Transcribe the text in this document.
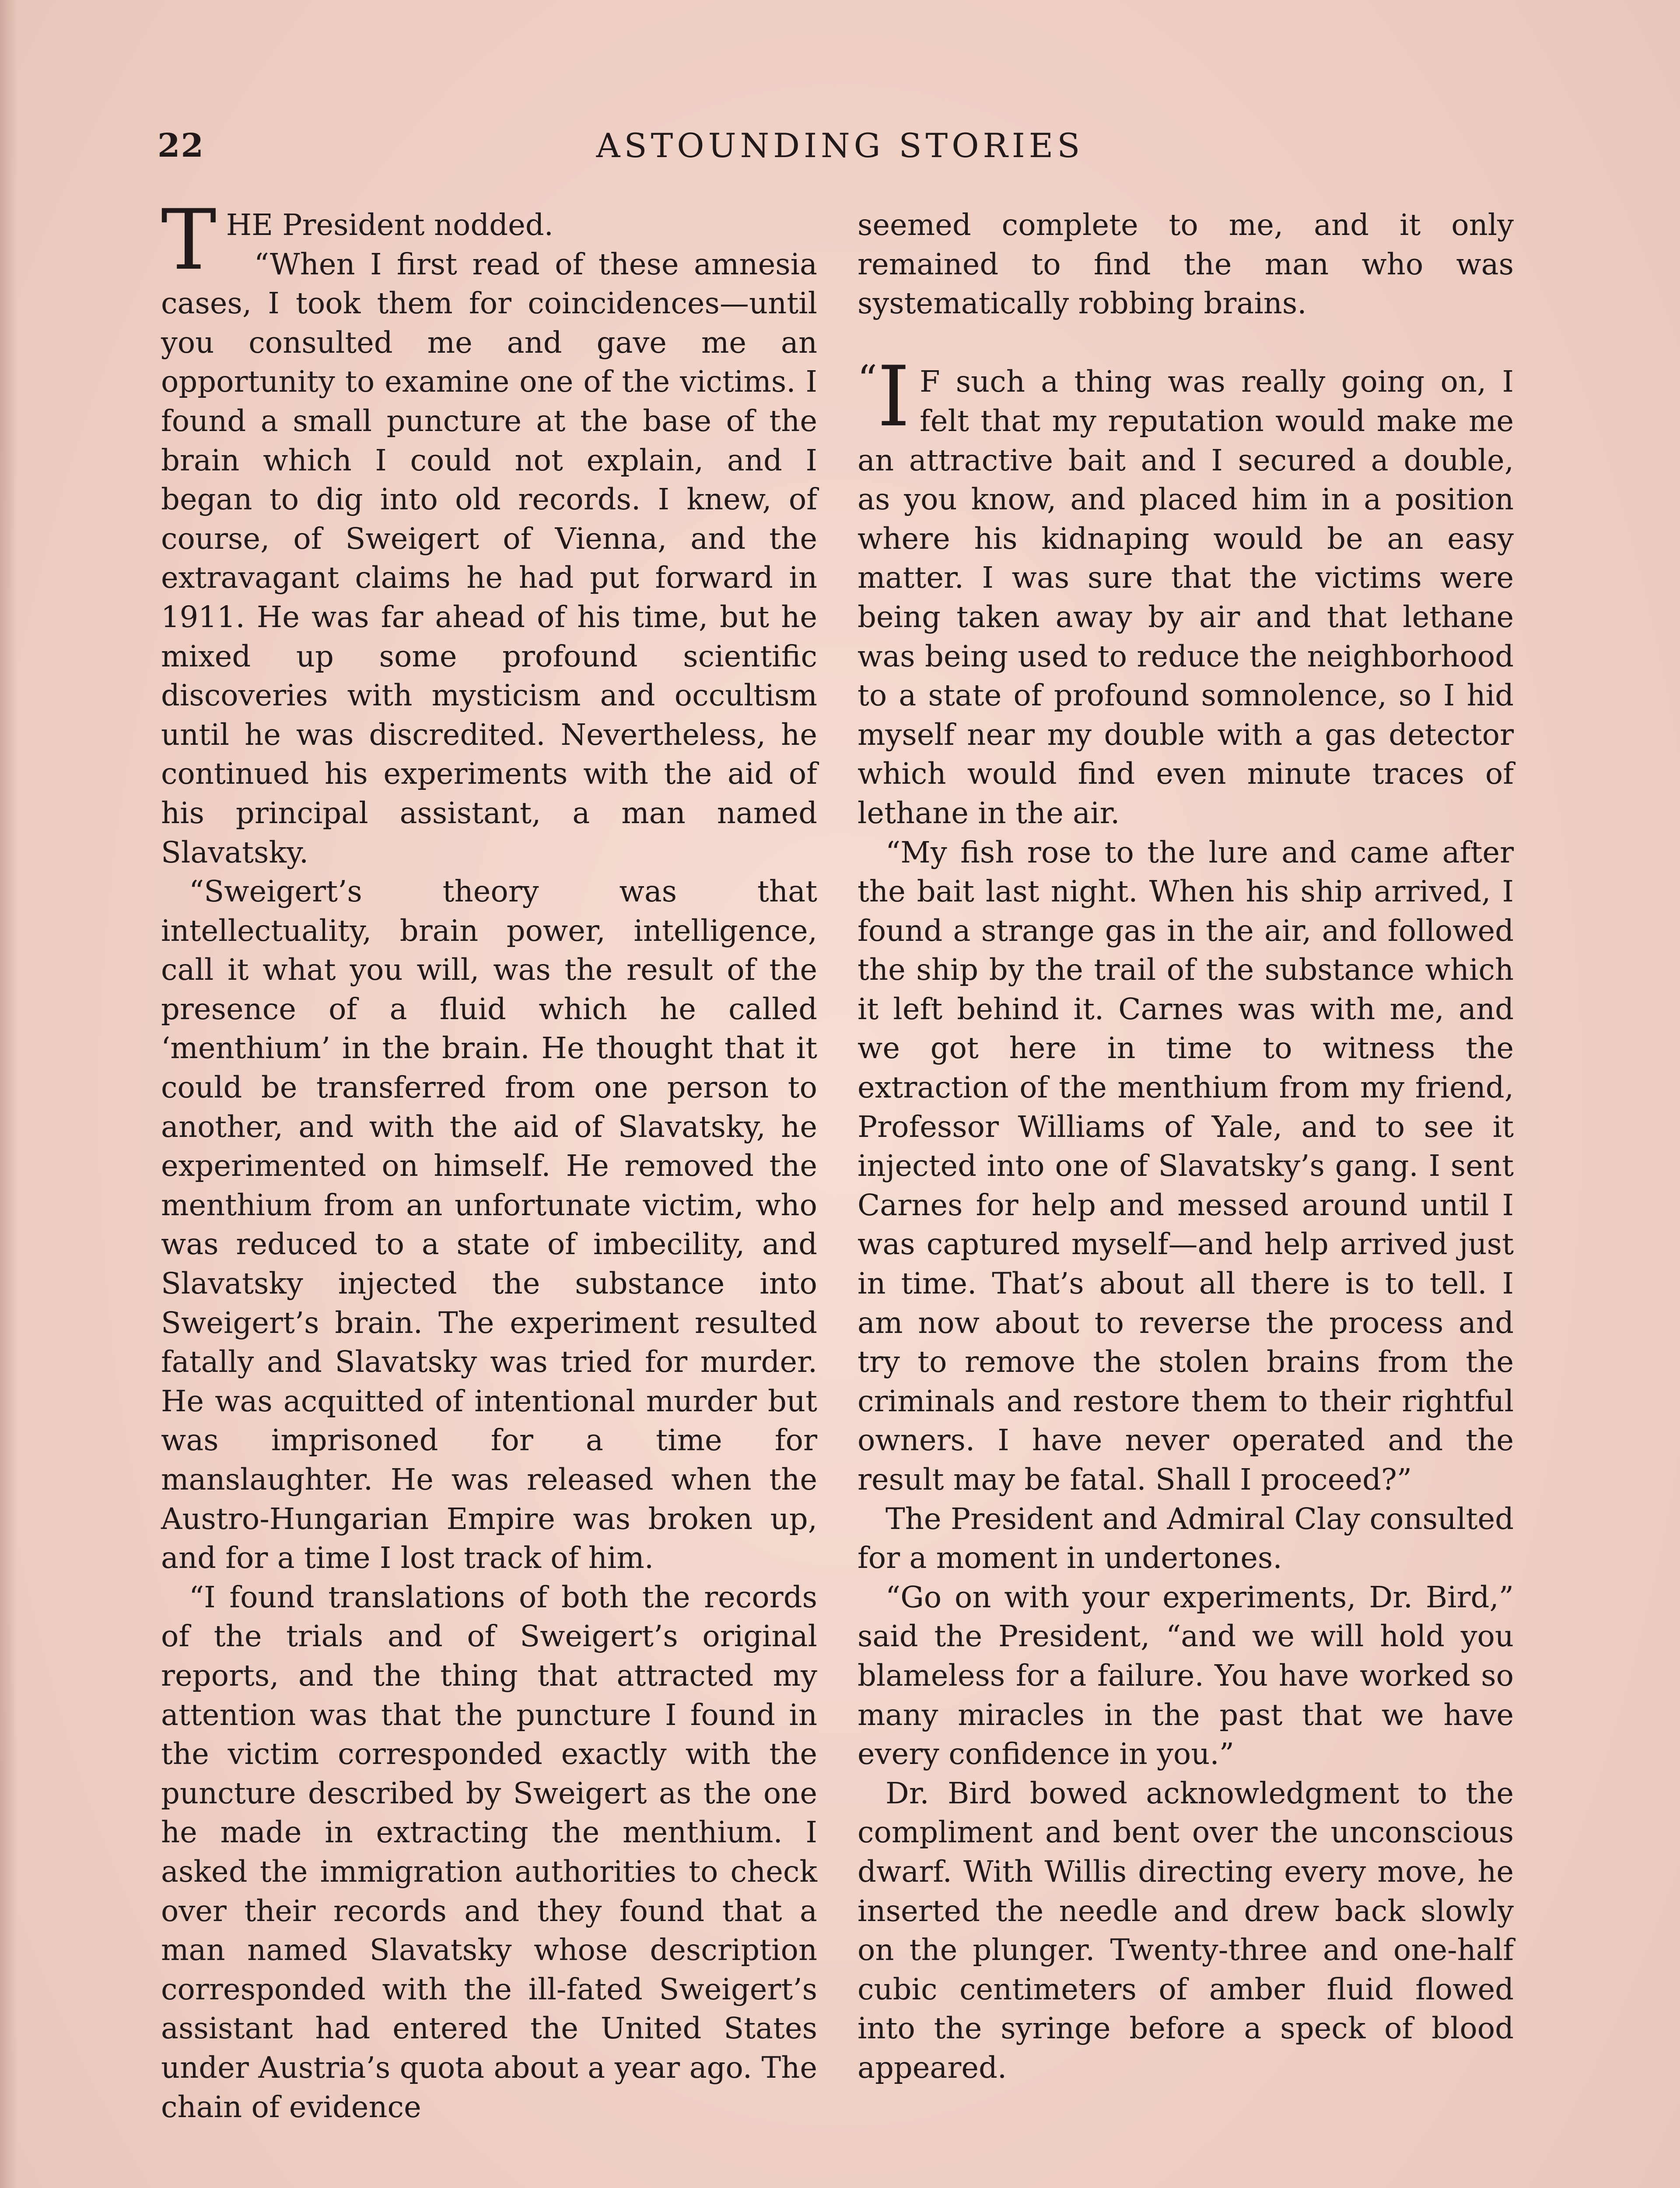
22	ASTOUNDING STORIES

THE President nodded.

“When I first read of these amnesia cases, I took them for coincidences—until you consulted me and gave me an opportunity to examine one of the victims. I found a small puncture at the base of the brain which I could not explain, and I began to dig into old records. I knew, of course, of Sweigert of Vienna, and the extravagant claims he had put forward in 1911. He was far ahead of his time, but he mixed up some profound scientific discoveries with mysticism and occultism until he was discredited. Nevertheless, he continued his experiments with the aid of his principal assistant, a man named Slavatsky.

“Sweigert’s theory was that intellectuality, brain power, intelligence, call it what you will, was the result of the presence of a fluid which he called ‘menthium’ in the brain. He thought that it could be transferred from one person to another, and with the aid of Slavatsky, he experimented on himself. He removed the menthium from an unfortunate victim, who was reduced to a state of imbecility, and Slavatsky injected the substance into Sweigert’s brain. The experiment resulted fatally and Slavatsky was tried for murder. He was acquitted of intentional murder but was imprisoned for a time for manslaughter. He was released when the Austro-Hungarian Empire was broken up, and for a time I lost track of him.

“I found translations of both the records of the trials and of Sweigert’s original reports, and the thing that attracted my attention was that the puncture I found in the victim corresponded exactly with the puncture described by Sweigert as the one he made in extracting the menthium. I asked the immigration authorities to check over their records and they found that a man named Slavatsky whose description corresponded with the ill-fated Sweigert’s assistant had entered the United States under Austria’s quota about a year ago. The chain of evidence

seemed complete to me, and it only remained to find the man who was systematically robbing brains.

“I F such a thing was really going on, I felt that my reputation would make me an attractive bait and I secured a double, as you know, and placed him in a position where his kidnaping would be an easy matter. I was sure that the victims were being taken away by air and that lethane was being used to reduce the neighborhood to a state of profound somnolence, so I hid myself near my double with a gas detector which would find even minute traces of lethane in the air.

“My fish rose to the lure and came after the bait last night. When his ship arrived, I found a strange gas in the air, and followed the ship by the trail of the substance which it left behind it. Carnes was with me, and we got here in time to witness the extraction of the menthium from my friend, Professor Williams of Yale, and to see it injected into one of Slavatsky’s gang. I sent Carnes for help and messed around until I was captured myself—and help arrived just in time. That’s about all there is to tell. I am now about to reverse the process and try to remove the stolen brains from the criminals and restore them to their rightful owners. I have never operated and the result may be fatal. Shall I proceed?”

The President and Admiral Clay consulted for a moment in undertones.

“Go on with your experiments, Dr. Bird,” said the President, “and we will hold you blameless for a failure. You have worked so many miracles in the past that we have every confidence in you.”

Dr. Bird bowed acknowledgment to the compliment and bent over the unconscious dwarf. With Willis directing every move, he inserted the needle and drew back slowly on the plunger. Twenty-three and one-half cubic centimeters of amber fluid flowed into the syringe before a speck of blood appeared.
